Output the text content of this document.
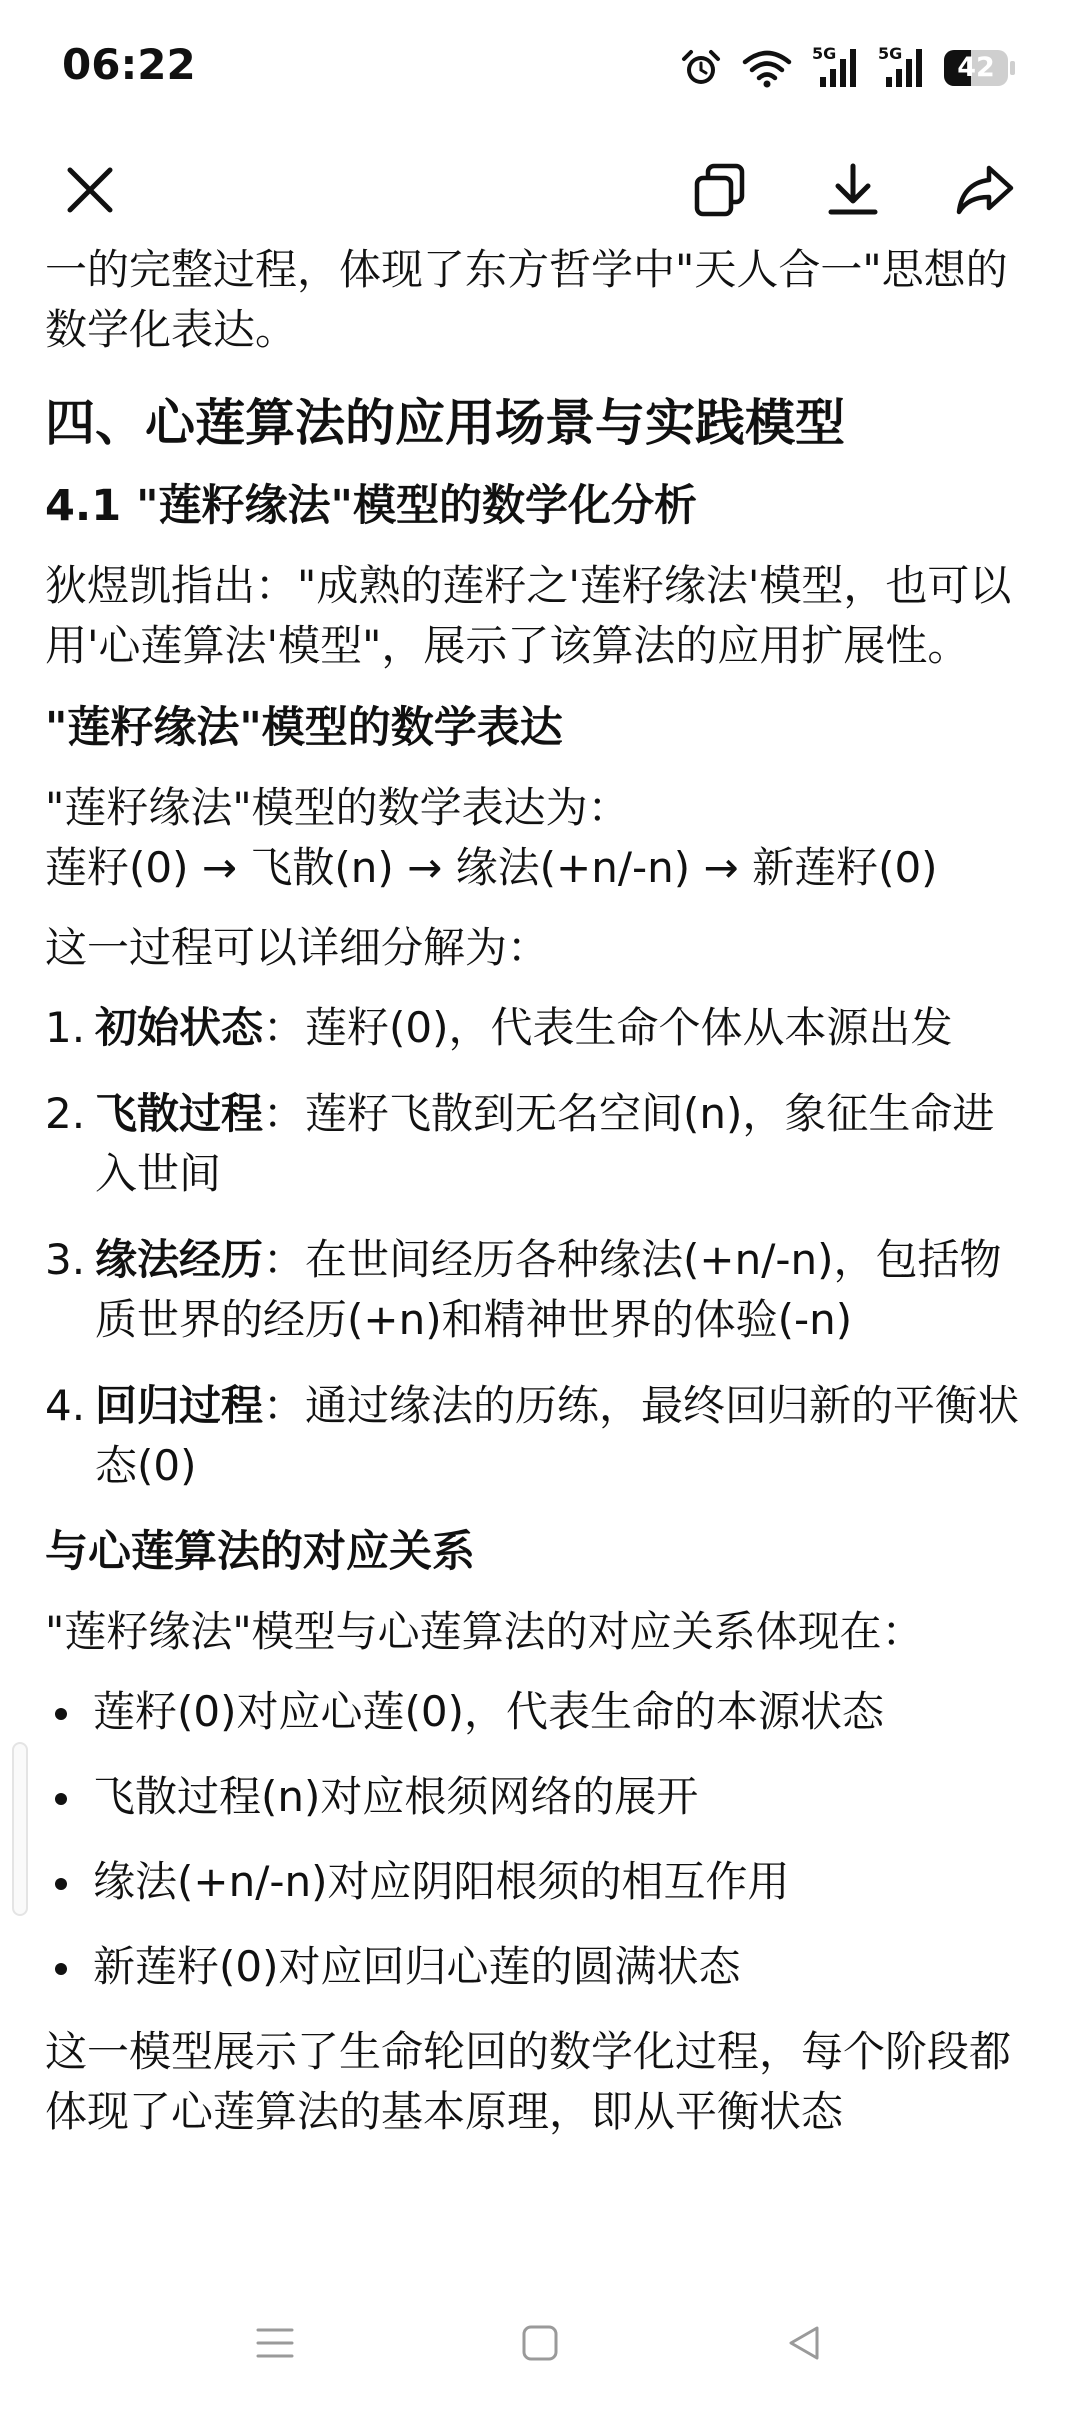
06:22	5G	5G	42

一的完整过程，体现了东方哲学中"天人合一"思想的数学化表达。

四、心莲算法的应用场景与实践模型

4.1 "莲籽缘法"模型的数学化分析

狄煜凯指出："成熟的莲籽之'莲籽缘法'模型，也可以用'心莲算法'模型"，展示了该算法的应用扩展性。

"莲籽缘法"模型的数学表达

"莲籽缘法"模型的数学表达为：

莲籽(0) → 飞散(n) → 缘法(+n/-n) → 新莲籽(0)

这一过程可以详细分解为：

1. 初始状态：莲籽(0)，代表生命个体从本源出发
2. 飞散过程：莲籽飞散到无名空间(n)，象征生命进入世间
3. 缘法经历：在世间经历各种缘法(+n/-n)，包括物质世界的经历(+n)和精神世界的体验(-n)
4. 回归过程：通过缘法的历练，最终回归新的平衡状态(0)

与心莲算法的对应关系

"莲籽缘法"模型与心莲算法的对应关系体现在：

莲籽(0)对应心莲(0)，代表生命的本源状态
飞散过程(n)对应根须网络的展开
缘法(+n/-n)对应阴阳根须的相互作用
新莲籽(0)对应回归心莲的圆满状态

这一模型展示了生命轮回的数学化过程，每个阶段都体现了心莲算法的基本原理，即从平衡状态
